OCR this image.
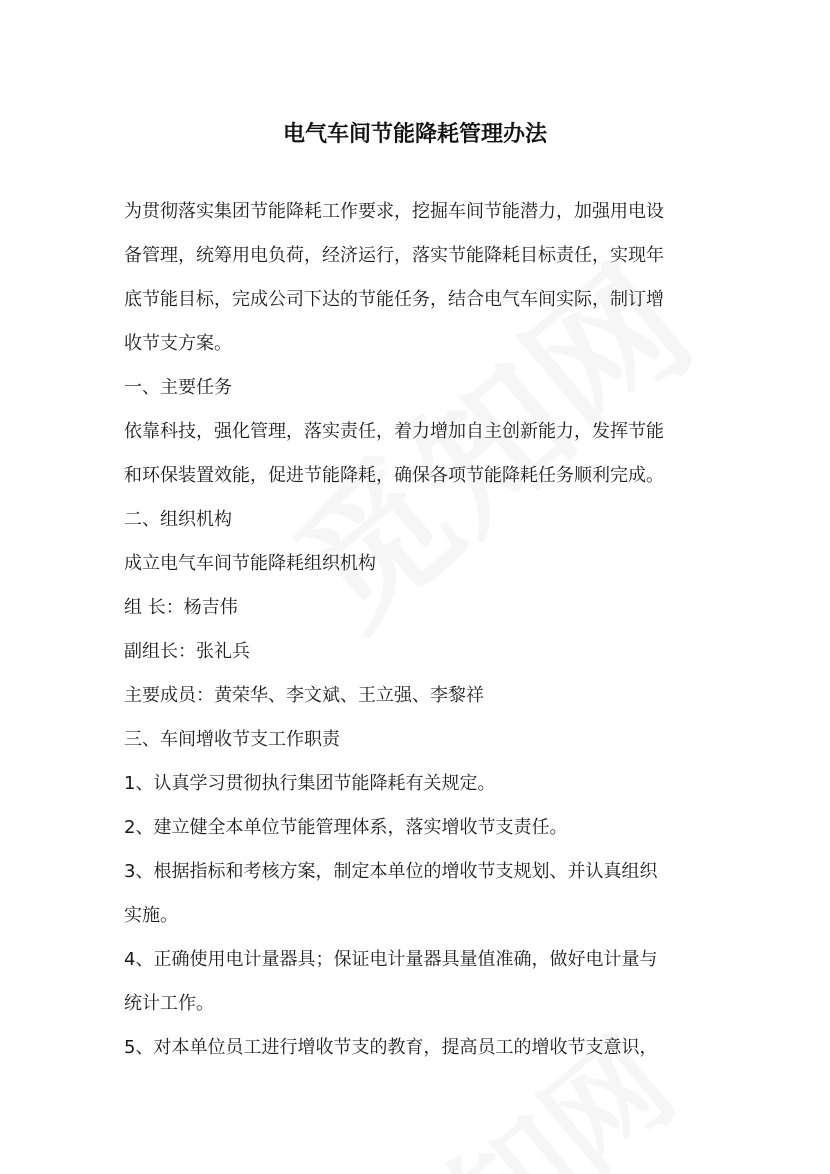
电气车间节能降耗管理办法

为贯彻落实集团节能降耗工作要求，挖掘车间节能潜力，加强用电设
备管理，统筹用电负荷，经济运行，落实节能降耗目标责任，实现年
底节能目标，完成公司下达的节能任务，结合电气车间实际，制订增
收节支方案。

一、主要任务

依靠科技，强化管理，落实责任，着力增加自主创新能力，发挥节能
和环保装置效能，促进节能降耗，确保各项节能降耗任务顺利完成。

二、组织机构

成立电气车间节能降耗组织机构

组 长：杨吉伟

副组长：张礼兵

主要成员：黄荣华、李文斌、王立强、李黎祥

三、车间增收节支工作职责

1、认真学习贯彻执行集团节能降耗有关规定。

2、建立健全本单位节能管理体系，落实增收节支责任。

3、根据指标和考核方案，制定本单位的增收节支规划、并认真组织
实施。

4、正确使用电计量器具；保证电计量器具量值准确，做好电计量与
统计工作。

5、对本单位员工进行增收节支的教育，提高员工的增收节支意识，
